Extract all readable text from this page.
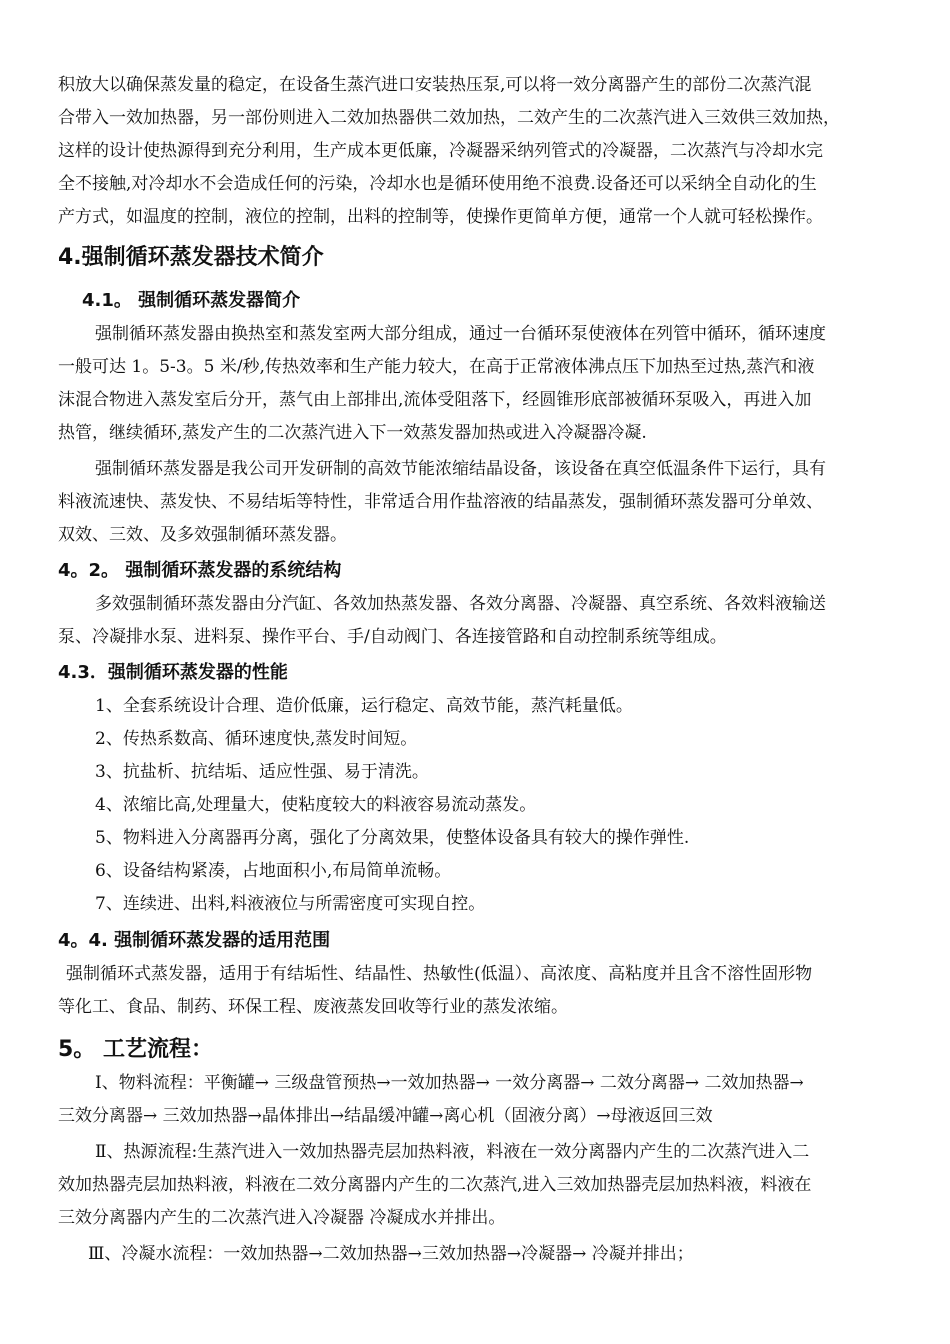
积放大以确保蒸发量的稳定，在设备生蒸汽进口安装热压泵,可以将一效分离器产生的部份二次蒸汽混
合带入一效加热器，另一部份则进入二效加热器供二效加热，二效产生的二次蒸汽进入三效供三效加热，
这样的设计使热源得到充分利用，生产成本更低廉，冷凝器采纳列管式的冷凝器，二次蒸汽与冷却水完
全不接触,对冷却水不会造成任何的污染，冷却水也是循环使用绝不浪费.设备还可以采纳全自动化的生
产方式，如温度的控制，液位的控制，出料的控制等，使操作更简单方便，通常一个人就可轻松操作。
4.强制循环蒸发器技术简介
4.1。 强制循环蒸发器简介
强制循环蒸发器由换热室和蒸发室两大部分组成，通过一台循环泵使液体在列管中循环，循环速度
一般可达 1。5-3。5 米/秒,传热效率和生产能力较大，在高于正常液体沸点压下加热至过热,蒸汽和液
沫混合物进入蒸发室后分开，蒸气由上部排出,流体受阻落下，经圆锥形底部被循环泵吸入，再进入加
热管，继续循环,蒸发产生的二次蒸汽进入下一效蒸发器加热或进入冷凝器冷凝.
强制循环蒸发器是我公司开发研制的高效节能浓缩结晶设备，该设备在真空低温条件下运行，具有
料液流速快、蒸发快、不易结垢等特性，非常适合用作盐溶液的结晶蒸发，强制循环蒸发器可分单效、
双效、三效、及多效强制循环蒸发器。
4。2。 强制循环蒸发器的系统结构
多效强制循环蒸发器由分汽缸、各效加热蒸发器、各效分离器、冷凝器、真空系统、各效料液输送
泵、冷凝排水泵、进料泵、操作平台、手/自动阀门、各连接管路和自动控制系统等组成。
4.3．强制循环蒸发器的性能
1、全套系统设计合理、造价低廉，运行稳定、高效节能，蒸汽耗量低。
2、传热系数高、循环速度快,蒸发时间短。
3、抗盐析、抗结垢、适应性强、易于清洗。
4、浓缩比高,处理量大，使粘度较大的料液容易流动蒸发。
5、物料进入分离器再分离，强化了分离效果，使整体设备具有较大的操作弹性.
6、设备结构紧凑，占地面积小,布局简单流畅。
7、连续进、出料,料液液位与所需密度可实现自控。
4。4. 强制循环蒸发器的适用范围
强制循环式蒸发器，适用于有结垢性、结晶性、热敏性(低温）、高浓度、高粘度并且含不溶性固形物
等化工、食品、制药、环保工程、废液蒸发回收等行业的蒸发浓缩。
5。 工艺流程：
Ⅰ、物料流程：平衡罐→ 三级盘管预热→一效加热器→ 一效分离器→ 二效分离器→ 二效加热器→
三效分离器→ 三效加热器→晶体排出→结晶缓冲罐→离心机（固液分离）→母液返回三效
Ⅱ、热源流程:生蒸汽进入一效加热器壳层加热料液，料液在一效分离器内产生的二次蒸汽进入二
效加热器壳层加热料液，料液在二效分离器内产生的二次蒸汽,进入三效加热器壳层加热料液，料液在
三效分离器内产生的二次蒸汽进入冷凝器 冷凝成水并排出。
Ⅲ、冷凝水流程：一效加热器→二效加热器→三效加热器→冷凝器→ 冷凝并排出；
